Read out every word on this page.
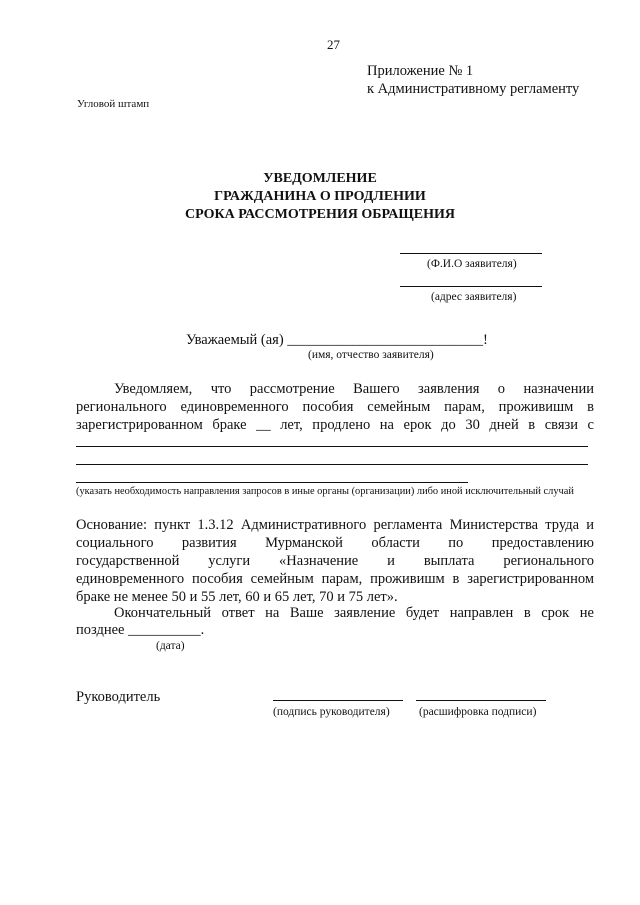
27
Приложение № 1
к Административному регламенту
Угловой штамп
УВЕДОМЛЕНИЕ
ГРАЖДАНИНА О ПРОДЛЕНИИ
СРОКА РАССМОТРЕНИЯ ОБРАЩЕНИЯ
(Ф.И.О заявителя)
(адрес заявителя)
Уважаемый (ая) ___________________________!
(имя, отчество заявителя)
Уведомляем, что рассмотрение Вашего заявления о назначении
регионального единовременного пособия семейным парам, проживишм в
зарегистрированном браке __ лет, продлено на ерок до 30 дней в связи с
(указать необходимость направления запросов в иные органы (организации) либо иной исключительный случай
Основание: пункт 1.3.12 Административного регламента Министерства труда и
социального развития Мурманской области по предоставлению
государственной услуги «Назначение и выплата регионального
единовременного пособия семейным парам, проживишм в зарегистрированном
браке не менее 50 и 55 лет, 60 и 65 лет, 70 и 75 лет».
Окончательный ответ на Ваше заявление будет направлен в срок не
позднее __________.
(дата)
Руководитель
(подпись руководителя)	(расшифровка подписи)
